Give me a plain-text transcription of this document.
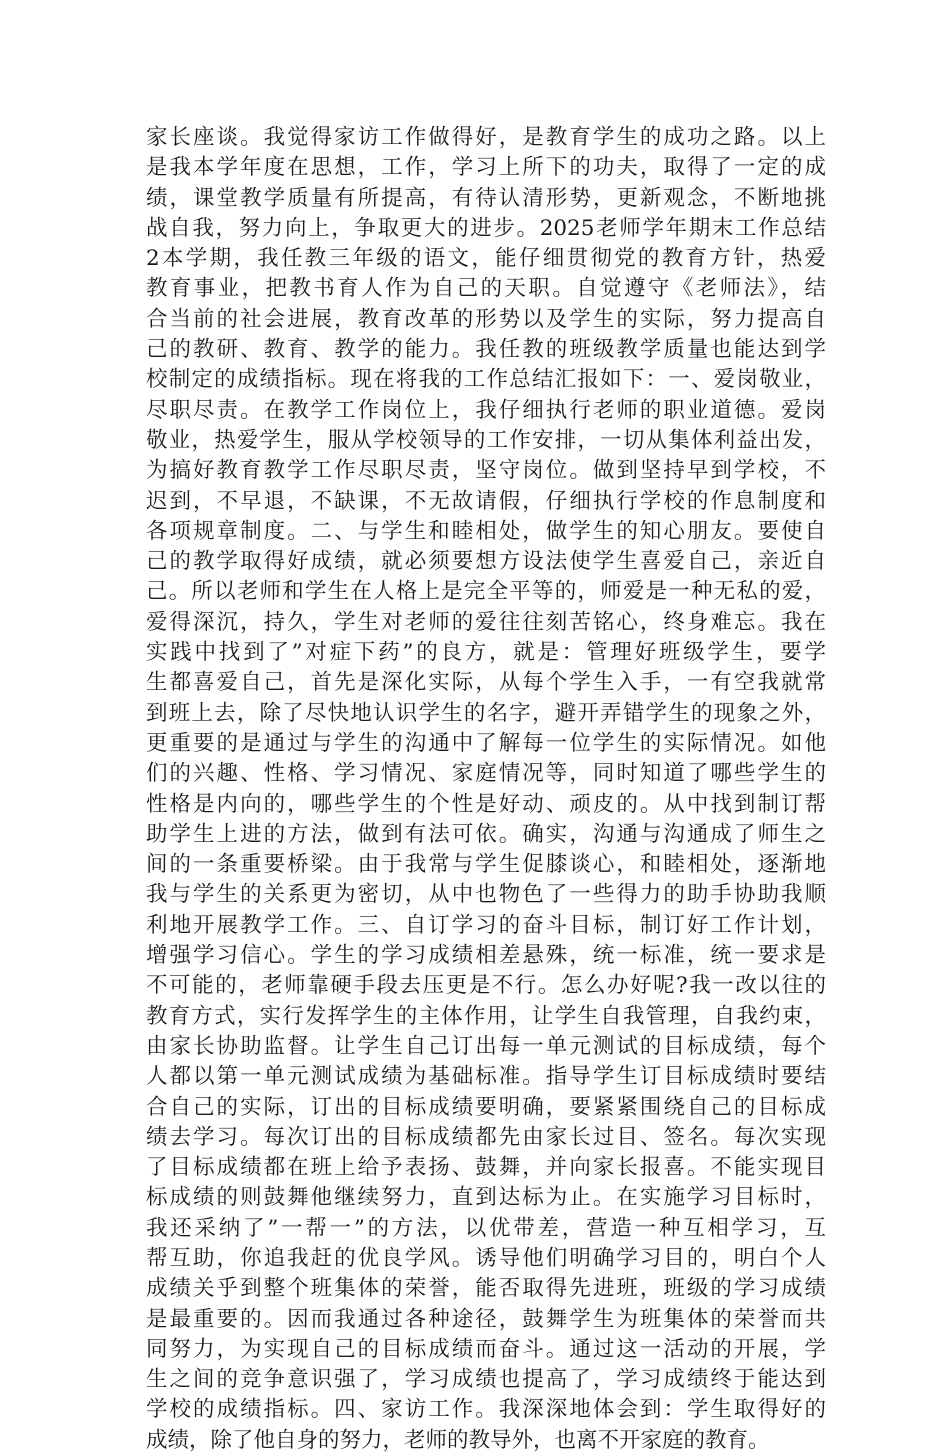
家长座谈。我觉得家访工作做得好，是教育学生的成功之路。以上
是我本学年度在思想，工作，学习上所下的功夫，取得了一定的成
绩，课堂教学质量有所提高，有待认清形势，更新观念，不断地挑
战自我，努力向上，争取更大的进步。2025老师学年期末工作总结
2本学期，我任教三年级的语文，能仔细贯彻党的教育方针，热爱
教育事业，把教书育人作为自己的天职。自觉遵守《老师法》，结
合当前的社会进展，教育改革的形势以及学生的实际，努力提高自
己的教研、教育、教学的能力。我任教的班级教学质量也能达到学
校制定的成绩指标。现在将我的工作总结汇报如下：一、爱岗敬业，
尽职尽责。在教学工作岗位上，我仔细执行老师的职业道德。爱岗
敬业，热爱学生，服从学校领导的工作安排，一切从集体利益出发，
为搞好教育教学工作尽职尽责，坚守岗位。做到坚持早到学校，不
迟到，不早退，不缺课，不无故请假，仔细执行学校的作息制度和
各项规章制度。二、与学生和睦相处，做学生的知心朋友。要使自
己的教学取得好成绩，就必须要想方设法使学生喜爱自己，亲近自
己。所以老师和学生在人格上是完全平等的，师爱是一种无私的爱，
爱得深沉，持久，学生对老师的爱往往刻苦铭心，终身难忘。我在
实践中找到了”对症下药”的良方，就是：管理好班级学生，要学
生都喜爱自己，首先是深化实际，从每个学生入手，一有空我就常
到班上去，除了尽快地认识学生的名字，避开弄错学生的现象之外，
更重要的是通过与学生的沟通中了解每一位学生的实际情况。如他
们的兴趣、性格、学习情况、家庭情况等，同时知道了哪些学生的
性格是内向的，哪些学生的个性是好动、顽皮的。从中找到制订帮
助学生上进的方法，做到有法可依。确实，沟通与沟通成了师生之
间的一条重要桥梁。由于我常与学生促膝谈心，和睦相处，逐渐地
我与学生的关系更为密切，从中也物色了一些得力的助手协助我顺
利地开展教学工作。三、自订学习的奋斗目标，制订好工作计划，
增强学习信心。学生的学习成绩相差悬殊，统一标准，统一要求是
不可能的，老师靠硬手段去压更是不行。怎么办好呢?我一改以往的
教育方式，实行发挥学生的主体作用，让学生自我管理，自我约束，
由家长协助监督。让学生自己订出每一单元测试的目标成绩，每个
人都以第一单元测试成绩为基础标准。指导学生订目标成绩时要结
合自己的实际，订出的目标成绩要明确，要紧紧围绕自己的目标成
绩去学习。每次订出的目标成绩都先由家长过目、签名。每次实现
了目标成绩都在班上给予表扬、鼓舞，并向家长报喜。不能实现目
标成绩的则鼓舞他继续努力，直到达标为止。在实施学习目标时，
我还采纳了”一帮一”的方法，以优带差，营造一种互相学习，互
帮互助，你追我赶的优良学风。诱导他们明确学习目的，明白个人
成绩关乎到整个班集体的荣誉，能否取得先进班，班级的学习成绩
是最重要的。因而我通过各种途径，鼓舞学生为班集体的荣誉而共
同努力，为实现自己的目标成绩而奋斗。通过这一活动的开展，学
生之间的竞争意识强了，学习成绩也提高了，学习成绩终于能达到
学校的成绩指标。四、家访工作。我深深地体会到：学生取得好的
成绩，除了他自身的努力，老师的教导外，也离不开家庭的教育。
